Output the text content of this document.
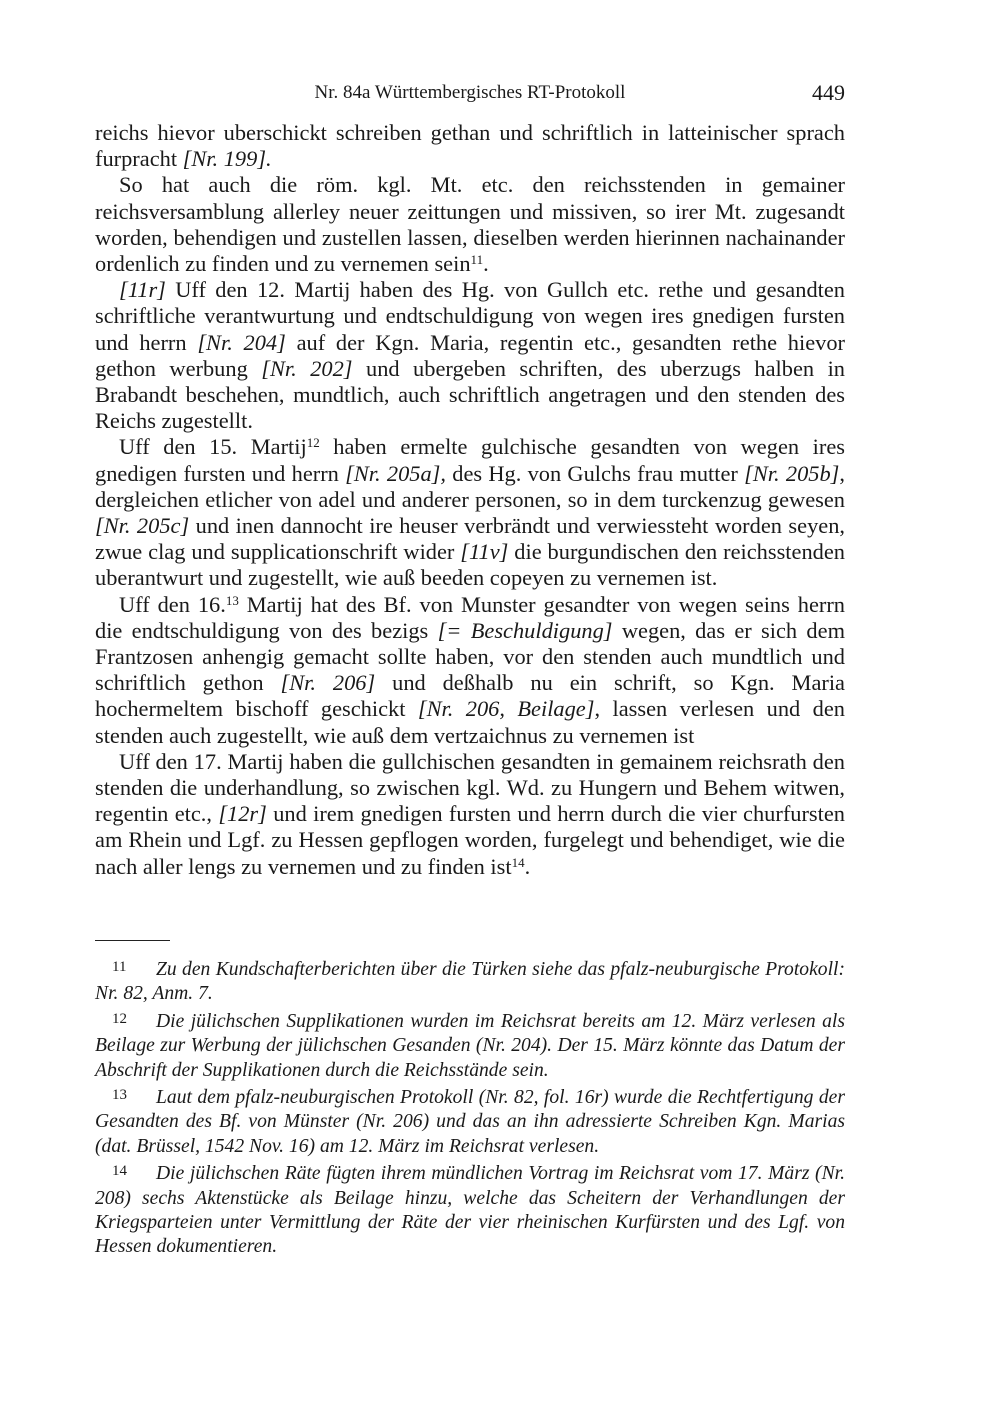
Nr. 84a Württembergisches RT-Protokoll	449

reichs hievor uberschickt schreiben gethan und schriftlich in latteinischer sprach furpracht [Nr. 199].

So hat auch die röm. kgl. Mt. etc. den reichsstenden in gemainer reichsversamblung allerley neuer zeittungen und missiven, so irer Mt. zugesandt worden, behendigen und zustellen lassen, dieselben werden hierinnen nachainander ordenlich zu finden und zu vernemen sein$^{11}$.

[11r] Uff den 12. Martij haben des Hg. von Gullch etc. rethe und gesandten schriftliche verantwurtung und endtschuldigung von wegen ires gnedigen fursten und herrn [Nr. 204] auf der Kgn. Maria, regentin etc., gesandten rethe hievor gethon werbung [Nr. 202] und ubergeben schriften, des uberzugs halben in Brabandt beschehen, mundtlich, auch schriftlich angetragen und den stenden des Reichs zugestellt.

Uff den 15. Martij$^{12}$ haben ermelte gulchische gesandten von wegen ires gnedigen fursten und herrn [Nr. 205a], des Hg. von Gulchs frau mutter [Nr. 205b], dergleichen etlicher von adel und anderer personen, so in dem turckenzug gewesen [Nr. 205c] und inen dannocht ire heuser verbrändt und verwiessteht worden seyen, zwue clag und supplicationschrift wider [11v] die burgundischen den reichsstenden uberantwurt und zugestellt, wie auß beeden copeyen zu vernemen ist.

Uff den 16.13 Martij hat des Bf. von Munster gesandter von wegen seins herrn die endtschuldigung von des bezigs [= Beschuldigung] wegen, das er sich dem Frantzosen anhengig gemacht sollte haben, vor den stenden auch mundtlich und schriftlich gethon [Nr. 206] und deßhalb nu ein schrift, so Kgn. Maria hochermeltem bischoff geschickt [Nr. 206, Beilage], lassen verlesen und den stenden auch zugestellt, wie auß dem vertzaichnus zu vernemen ist

Uff den 17. Martij haben die gullchischen gesandten in gemainem reichsrath den stenden die underhandlung, so zwischen kgl. Wd. zu Hungern und Behem witwen, regentin etc., [12r] und irem gnedigen fursten und herrn durch die vier churfursten am Rhein und Lgf. zu Hessen gepflogen worden, furgelegt und behendiget, wie die nach aller lengs zu vernemen und zu finden ist$^{14}$.

11 Zu den Kundschafterberichten über die Türken siehe das pfalz-neuburgische Protokoll: Nr. 82, Anm. 7.

12 Die jülichschen Supplikationen wurden im Reichsrat bereits am 12. März verlesen als Beilage zur Werbung der jülichschen Gesanden (Nr. 204). Der 15. März könnte das Datum der Abschrift der Supplikationen durch die Reichsstände sein.

13 Laut dem pfalz-neuburgischen Protokoll (Nr. 82, fol. 16r) wurde die Rechtfertigung der Gesandten des Bf. von Münster (Nr. 206) und das an ihn adressierte Schreiben Kgn. Marias (dat. Brüssel, 1542 Nov. 16) am 12. März im Reichsrat verlesen.

14 Die jülichschen Räte fügten ihrem mündlichen Vortrag im Reichsrat vom 17. März (Nr. 208) sechs Aktenstücke als Beilage hinzu, welche das Scheitern der Verhandlungen der Kriegsparteien unter Vermittlung der Räte der vier rheinischen Kurfürsten und des Lgf. von Hessen dokumentieren.
